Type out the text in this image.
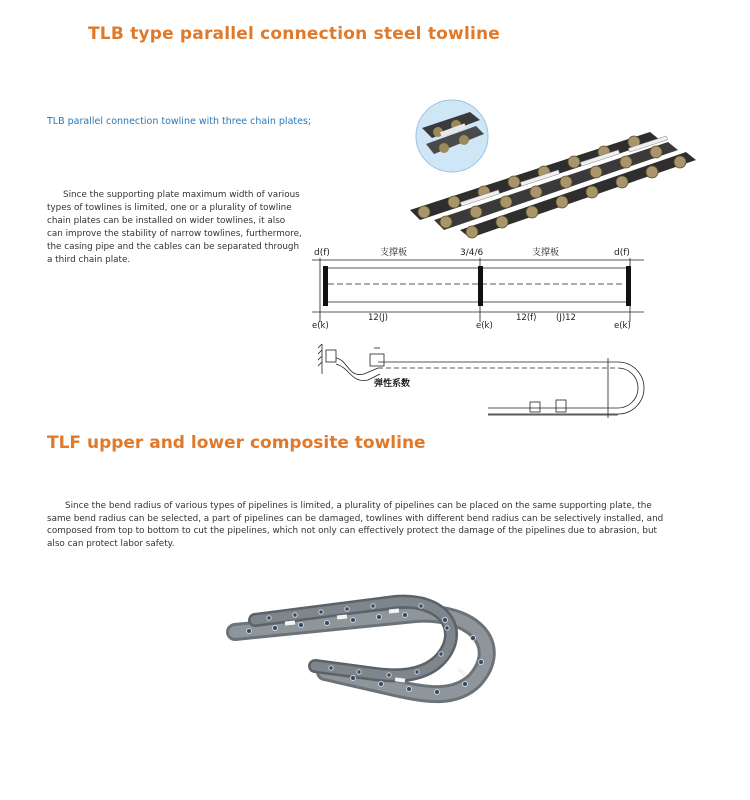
TLB type parallel connection steel towline
TLB parallel connection towline with three chain plates;
Since the supporting plate maximum width of various types of towlines is limited, one or a plurality of towline chain plates can be installed on wider towlines, it also can improve the stability of narrow towlines, furthermore, the casing pipe and the cables can be separated through a third chain plate.
d(f)	支撑板	3/4/6	支撑板	d(f)
e(k)
12(J)
e(k)
12(f) (J)12
e(k)
弹性系数
TLF upper and lower composite towline
Since the bend radius of various types of pipelines is limited, a plurality of pipelines can be placed on the same supporting plate, the same bend radius can be selected, a part of pipelines can be damaged, towlines with different bend radius can be selectively installed, and composed from top to bottom to cut the pipelines, which not only can effectively protect the damage of the pipelines due to abrasion, but also can protect labor safety.
